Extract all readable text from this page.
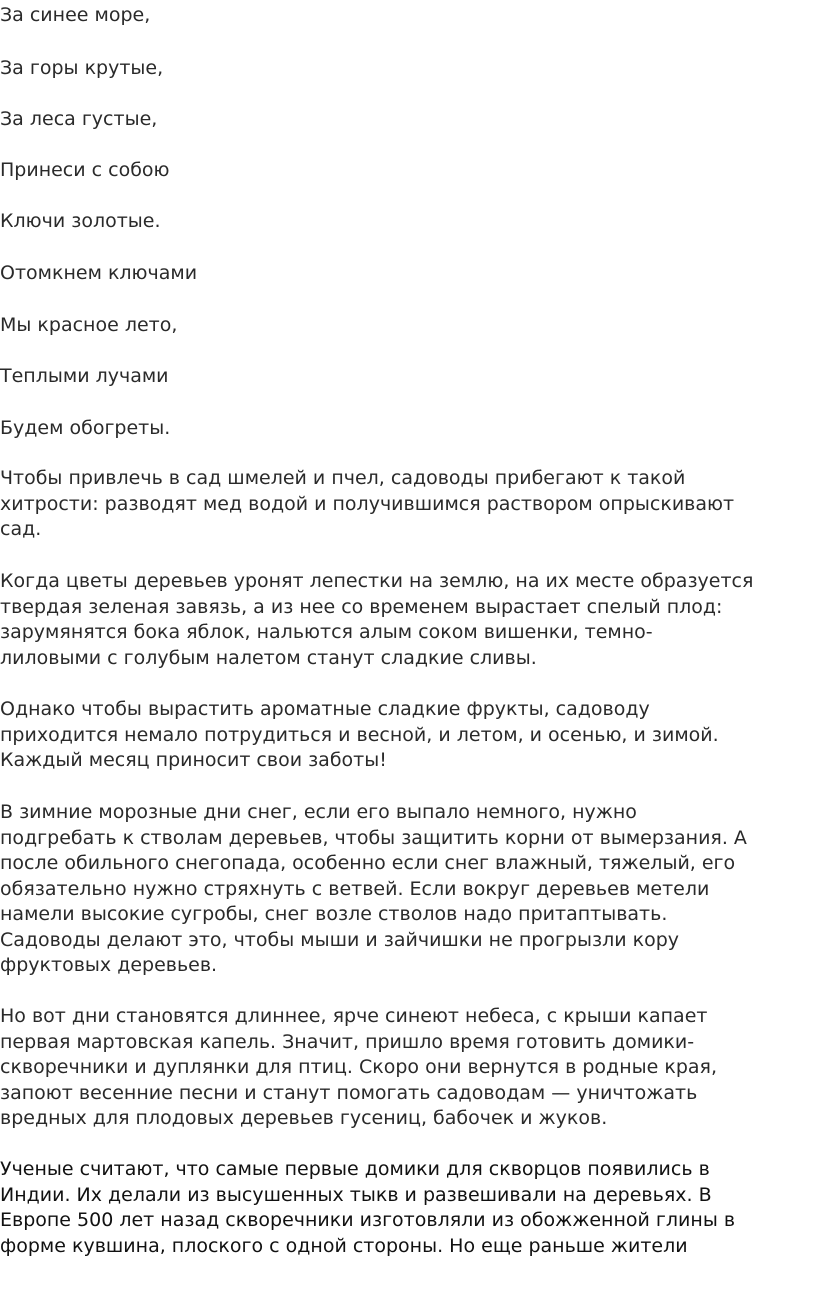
За синее море,

За горы крутые,

За леса густые,

Принеси с собою

Ключи золотые.

Отомкнем ключами

Мы красное лето,

Теплыми лучами

Будем обогреты.

Чтобы привлечь в сад шмелей и пчел, садоводы прибегают к такой
хитрости: разводят мед водой и получившимся раствором опрыскивают
сад.
Когда цветы деревьев уронят лепестки на землю, на их месте образуется
твердая зеленая завязь, а из нее со временем вырастает спелый плод:
зарумянятся бока яблок, нальются алым соком вишенки, темно-
лиловыми с голубым налетом станут сладкие сливы.
Однако чтобы вырастить ароматные сладкие фрукты, садоводу
приходится немало потрудиться и весной, и летом, и осенью, и зимой.
Каждый месяц приносит свои заботы!
В зимние морозные дни снег, если его выпало немного, нужно
подгребать к стволам деревьев, чтобы защитить корни от вымерзания. А
после обильного снегопада, особенно если снег влажный, тяжелый, его
обязательно нужно стряхнуть с ветвей. Если вокруг деревьев метели
намели высокие сугробы, снег возле стволов надо притаптывать.
Садоводы делают это, чтобы мыши и зайчишки не прогрызли кору
фруктовых деревьев.
Но вот дни становятся длиннее, ярче синеют небеса, с крыши капает
первая мартовская капель. Значит, пришло время готовить домики-
скворечники и дуплянки для птиц. Скоро они вернутся в родные края,
запоют весенние песни и станут помогать садоводам — уничтожать
вредных для плодовых деревьев гусениц, бабочек и жуков.
Ученые считают, что самые первые домики для скворцов появились в
Индии. Их делали из высушенных тыкв и развешивали на деревьях. В
Европе 500 лет назад скворечники изготовляли из обожженной глины в
форме кувшина, плоского с одной стороны. Но еще раньше жители
